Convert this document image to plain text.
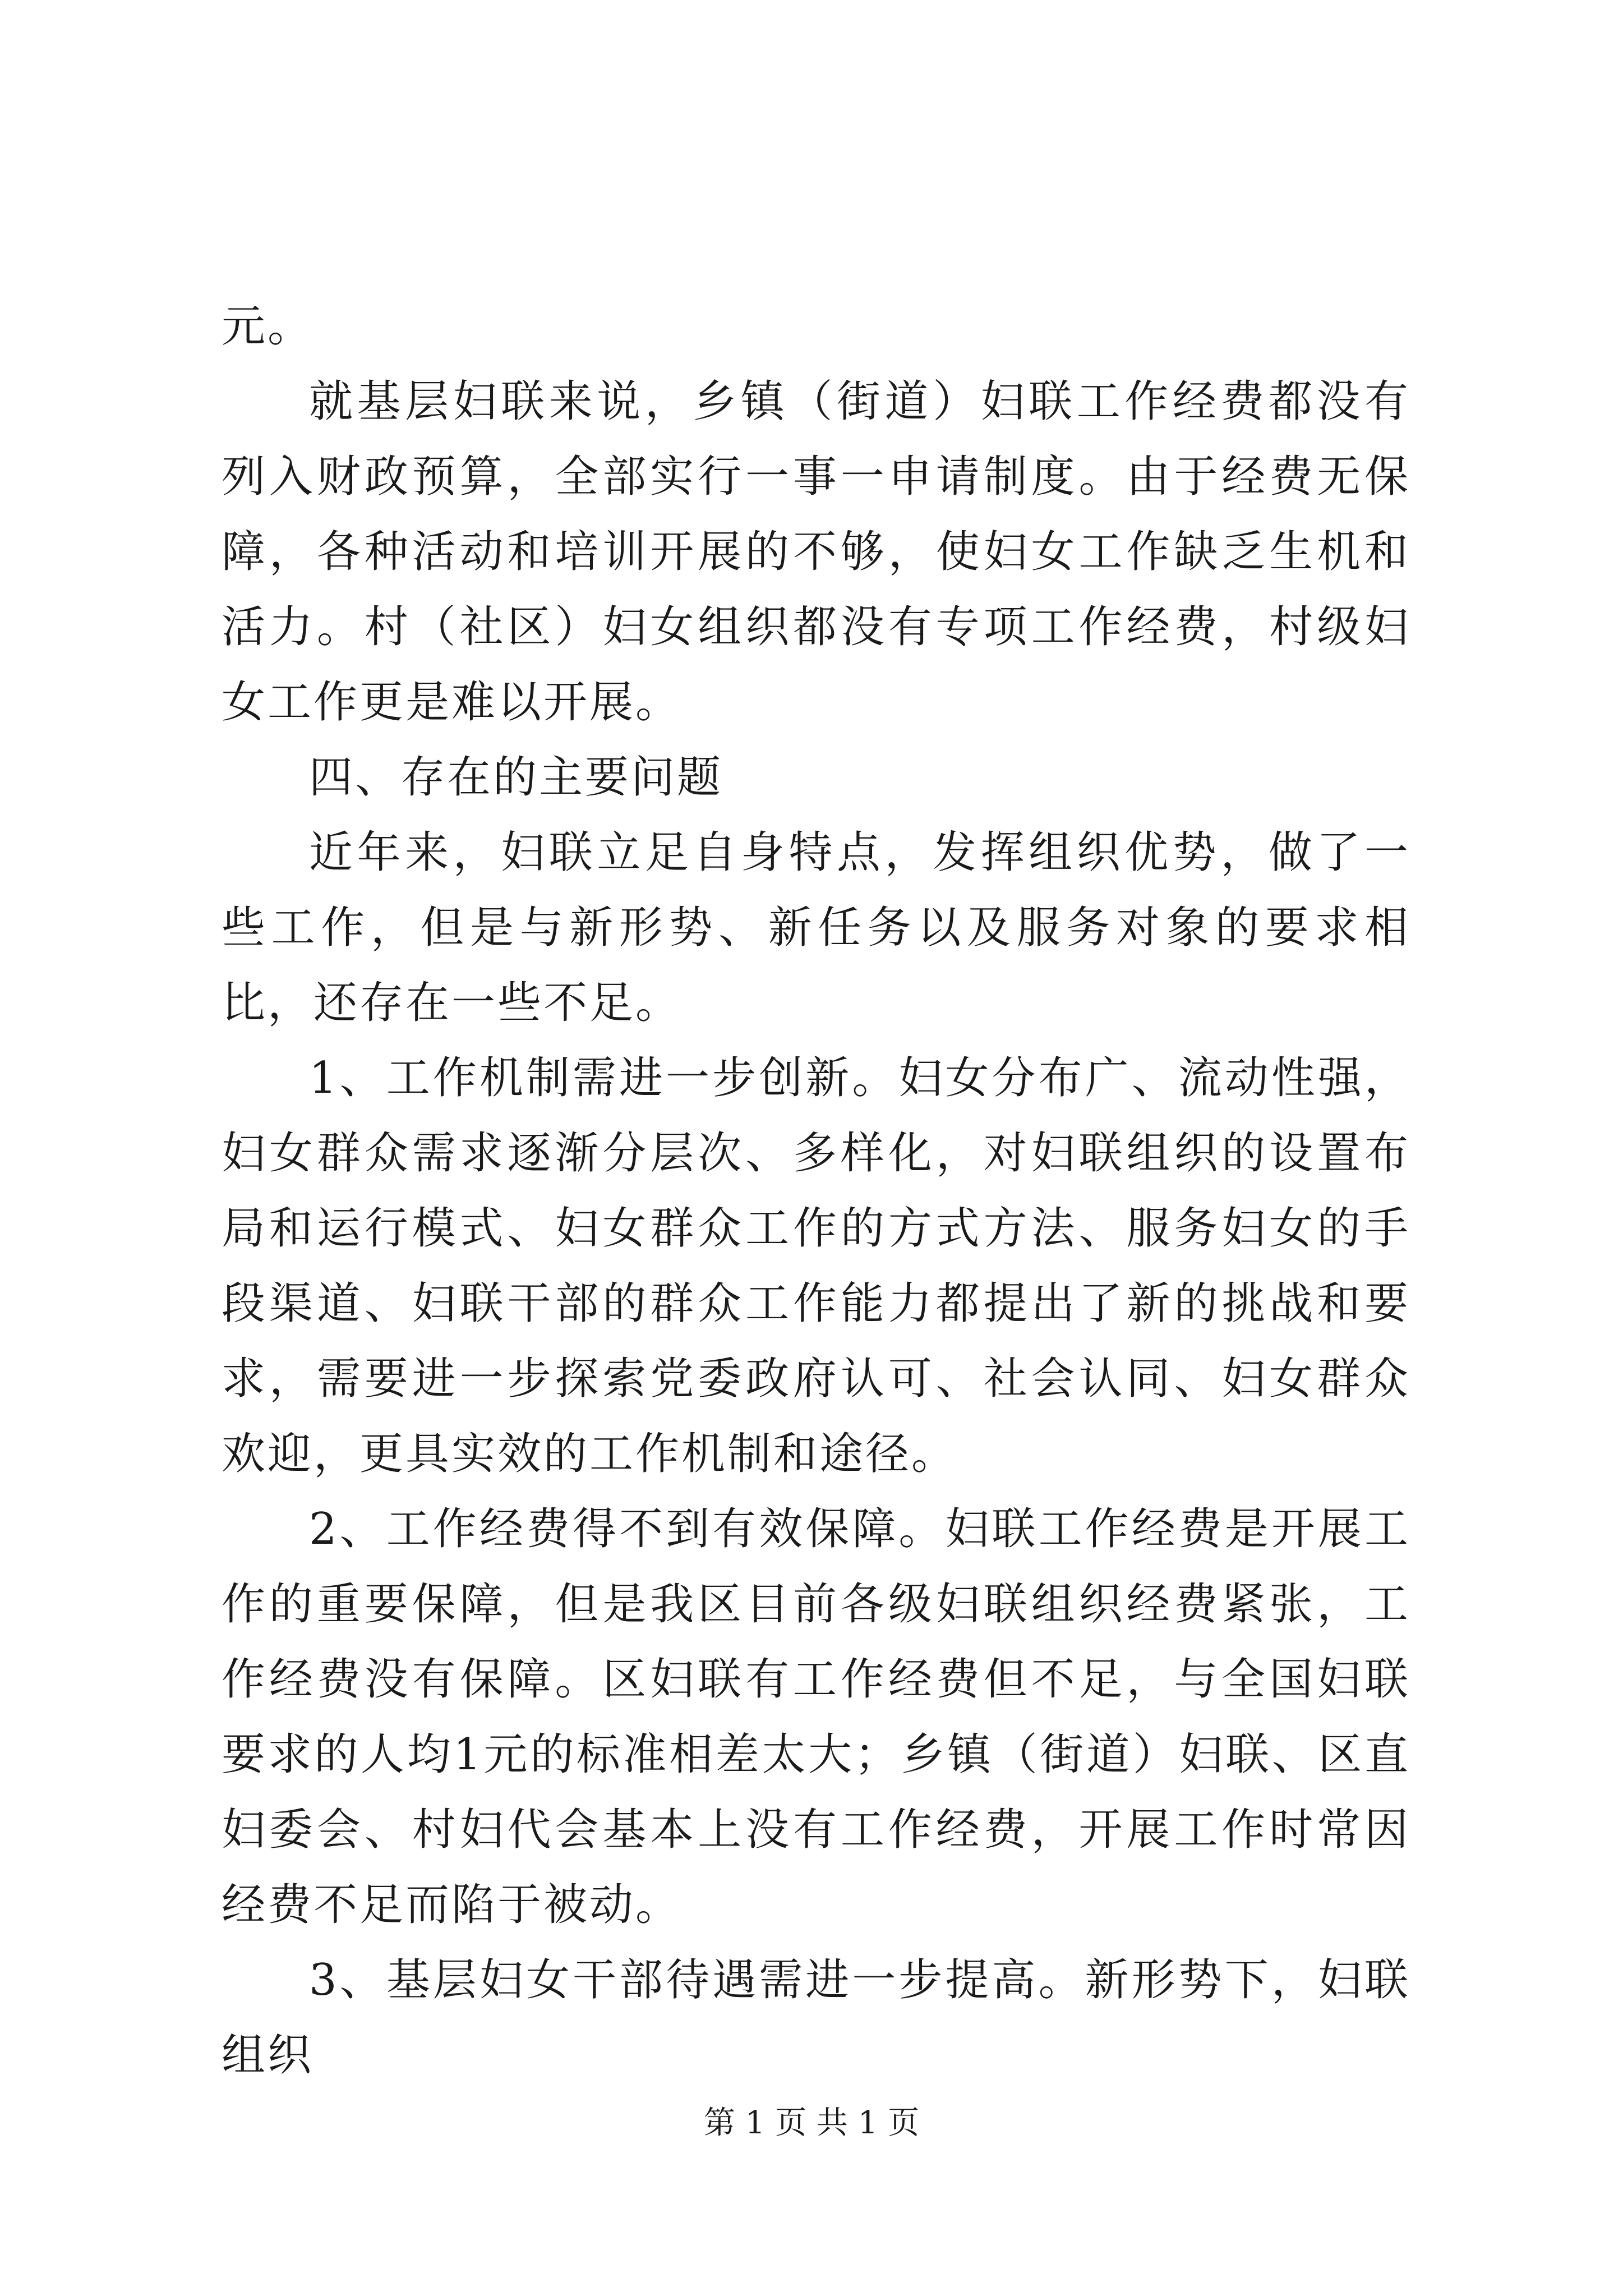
元。

就基层妇联来说，乡镇（街道）妇联工作经费都没有列入财政预算，全部实行一事一申请制度。由于经费无保障，各种活动和培训开展的不够，使妇女工作缺乏生机和活力。村（社区）妇女组织都没有专项工作经费，村级妇女工作更是难以开展。

四、存在的主要问题

近年来，妇联立足自身特点，发挥组织优势，做了一些工作，但是与新形势、新任务以及服务对象的要求相比，还存在一些不足。

1、工作机制需进一步创新。妇女分布广、流动性强，妇女群众需求逐渐分层次、多样化，对妇联组织的设置布局和运行模式、妇女群众工作的方式方法、服务妇女的手段渠道、妇联干部的群众工作能力都提出了新的挑战和要求，需要进一步探索党委政府认可、社会认同、妇女群众欢迎，更具实效的工作机制和途径。

2、工作经费得不到有效保障。妇联工作经费是开展工作的重要保障，但是我区目前各级妇联组织经费紧张，工作经费没有保障。区妇联有工作经费但不足，与全国妇联要求的人均1元的标准相差太大；乡镇（街道）妇联、区直妇委会、村妇代会基本上没有工作经费，开展工作时常因经费不足而陷于被动。

3、基层妇女干部待遇需进一步提高。新形势下，妇联组织

第 1 页 共 1 页
